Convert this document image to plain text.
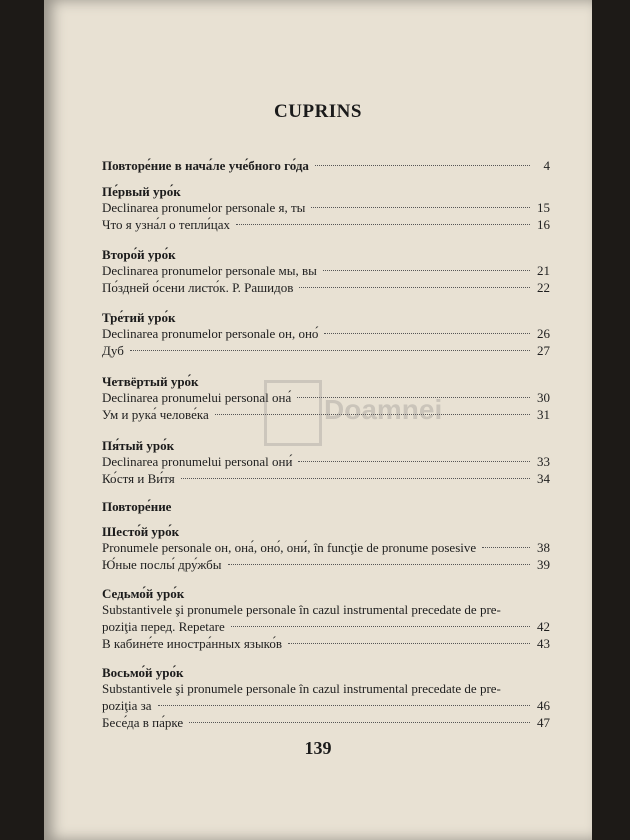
CUPRINS
Повторе́ние в нача́ле уче́бного го́да	4
Пе́рвый уро́к
Declinarea pronumelor personale я, ты	15
Что я узна́л о тепли́цах	16
Второ́й уро́к
Declinarea pronumelor personale мы, вы	21
По́здней о́сени листо́к. Р. Рашидов	22
Тре́тий уро́к
Declinarea pronumelor personale он, оно́	26
Дуб	27
Четвёртый уро́к
Declinarea pronumelui personal она́	30
Ум и рука́ челове́ка	31
Пя́тый уро́к
Declinarea pronumelui personal они́	33
Ко́стя и Ви́тя	34
Повторе́ние
Шесто́й уро́к
Pronumele personale он, она́, оно́, они́, în funcţie de pronume posesive	38
Ю́ные послы́ дру́жбы	39
Седьмо́й уро́к
Substantivele şi pronumele personale în cazul instrumental precedate de pre-
poziţia перед. Repetare	42
В кабине́те иностра́нных языко́в	43
Восьмо́й уро́к
Substantivele şi pronumele personale în cazul instrumental precedate de pre-
poziţia за	46
Бесе́да в па́рке	47
Doamnei
139
